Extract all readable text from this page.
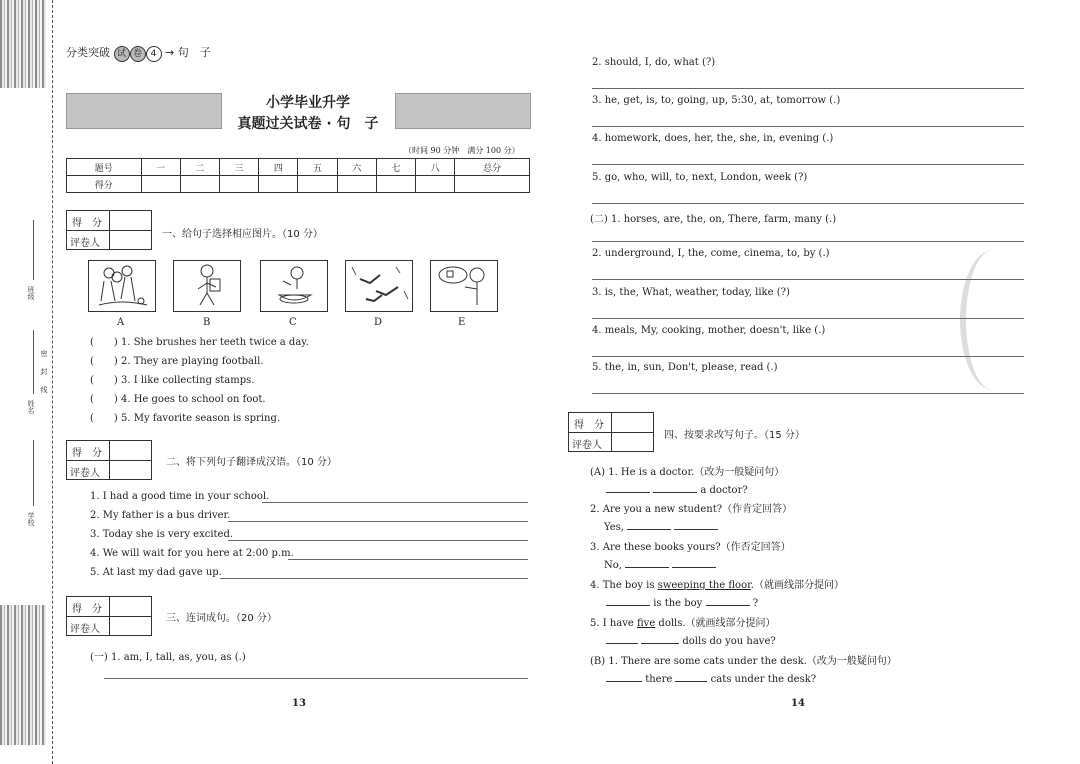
班级
姓名
学校
密
封
线
分类突破 试 卷 4 → 句　子
小学毕业升学
真题过关试卷 · 句　子
（时间 90 分钟　满分 100 分）
题号	一	二	三	四	五	六	七	八	总分
得分									
得　分
评卷人
一、给句子选择相应图片。（10 分）
A	B	C	D	E
(　　) 1. She brushes her teeth twice a day.
(　　) 2. They are playing football.
(　　) 3. I like collecting stamps.
(　　) 4. He goes to school on foot.
(　　) 5. My favorite season is spring.
得　分
评卷人
二、将下列句子翻译成汉语。（10 分）
1. I had a good time in your school.
2. My father is a bus driver.
3. Today she is very excited.
4. We will wait for you here at 2:00 p.m.
5. At last my dad gave up.
得　分
评卷人
三、连词成句。（20 分）
(一) 1. am, I, tall, as, you, as (.)
13
2. should, I, do, what (?)
3. he, get, is, to, going, up, 5:30, at, tomorrow (.)
4. homework, does, her, the, she, in, evening (.)
5. go, who, will, to, next, London, week (?)
(二) 1. horses, are, the, on, There, farm, many (.)
2. underground, I, the, come, cinema, to, by (.)
3. is, the, What, weather, today, like (?)
4. meals, My, cooking, mother, doesn't, like (.)
5. the, in, sun, Don't, please, read (.)
得　分
评卷人
四、按要求改写句子。（15 分）
(A) 1. He is a doctor.（改为一般疑问句）
a doctor?
2. Are you a new student?（作肯定回答）
Yes,
3. Are these books yours?（作否定回答）
No,
4. The boy is sweeping the floor.（就画线部分提问）
is the boy	?
5. I have five dolls.（就画线部分提问）
dolls do you have?
(B) 1. There are some cats under the desk.（改为一般疑问句）
there	cats under the desk?
14
